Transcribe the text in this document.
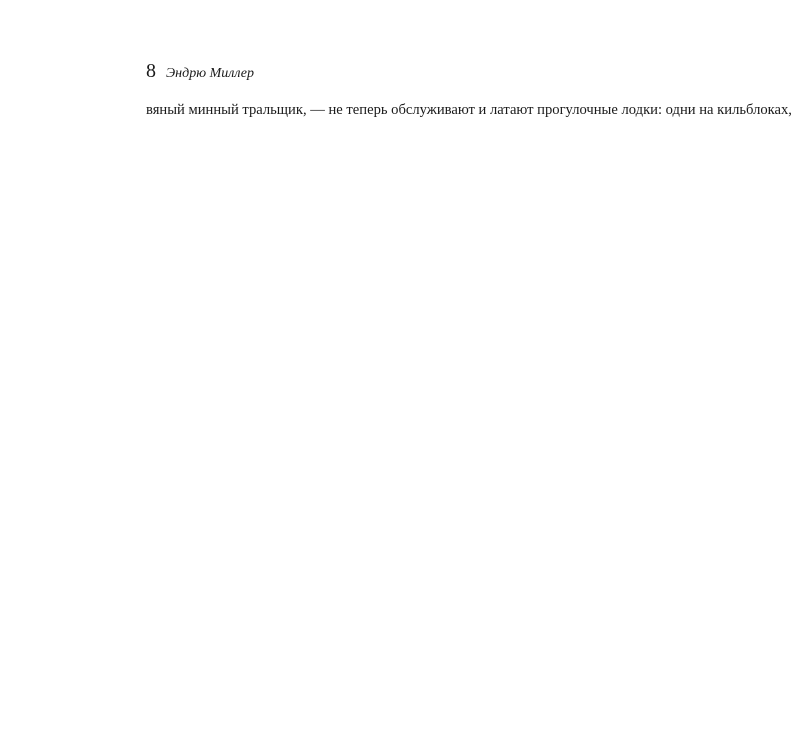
8 Эндрю Миллер
вяный минный тральщик, — не теперь обслуживают и латают прогулочные лодки: одни на кильблоках,
